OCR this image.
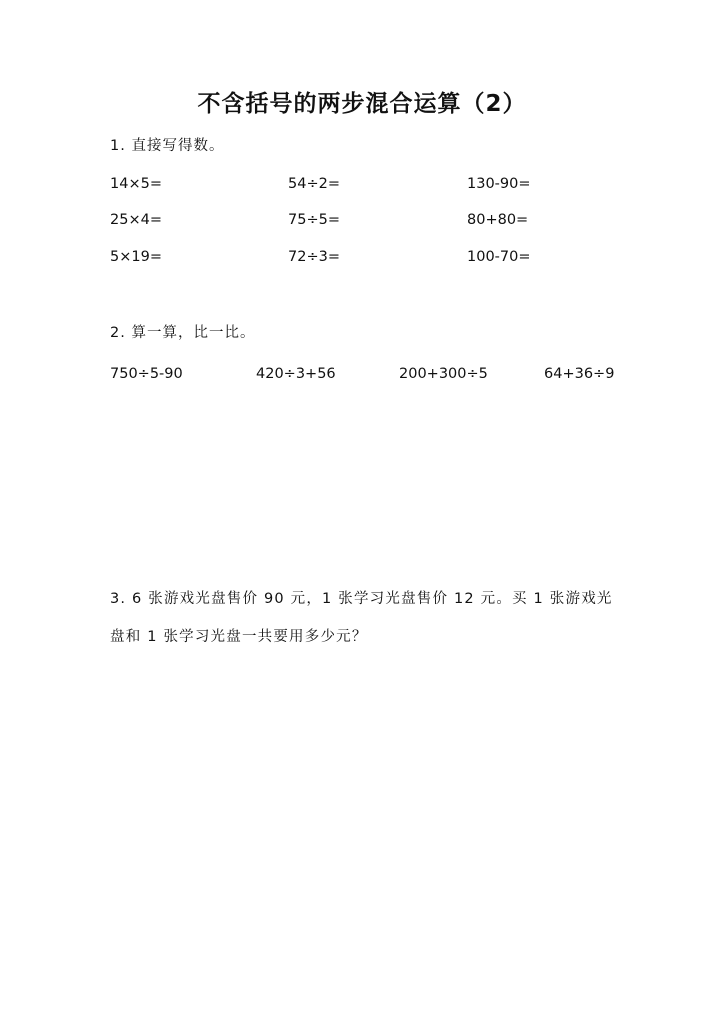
不含括号的两步混合运算（2）
1. 直接写得数。
14×5=	54÷2=	130-90=
25×4=	75÷5=	80+80=
5×19=	72÷3=	100-70=
2. 算一算，比一比。
750÷5-90	420÷3+56	200+300÷5	64+36÷9
3. 6 张游戏光盘售价 90 元，1 张学习光盘售价 12 元。买 1 张游戏光盘和 1 张学习光盘一共要用多少元？
